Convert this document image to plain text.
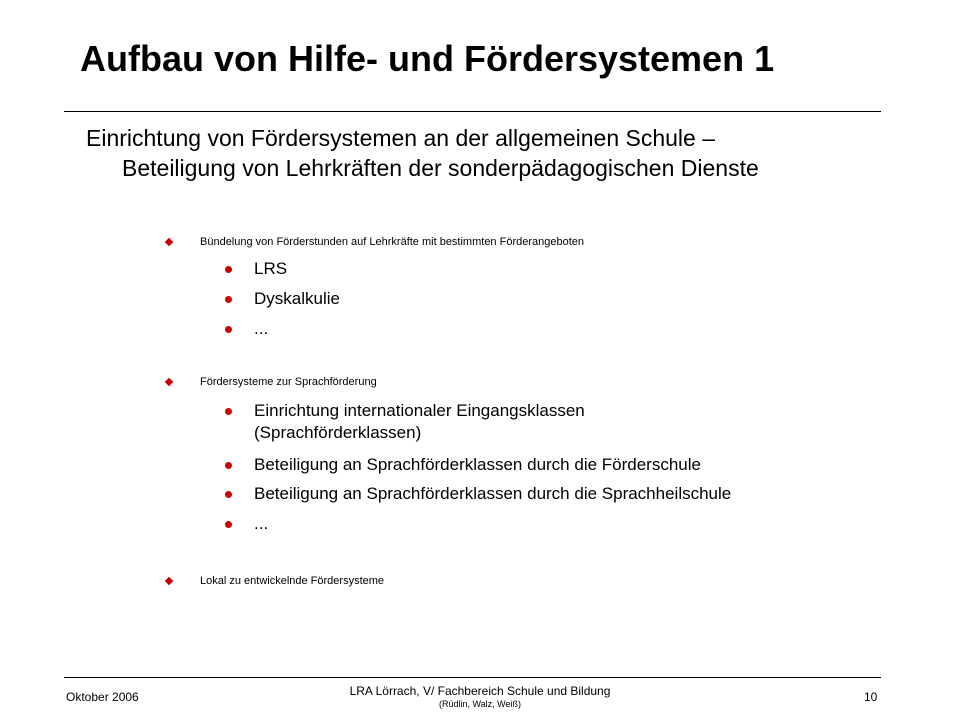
Aufbau von Hilfe- und Fördersystemen 1
Einrichtung von Fördersystemen an der allgemeinen Schule –
Beteiligung von Lehrkräften der sonderpädagogischen Dienste
Bündelung von Förderstunden auf Lehrkräfte mit bestimmten Förderangeboten
LRS
Dyskalkulie
...
Fördersysteme zur Sprachförderung
Einrichtung internationaler Eingangsklassen
(Sprachförderklassen)
Beteiligung an Sprachförderklassen durch die Förderschule
Beteiligung an Sprachförderklassen durch die Sprachheilschule
...
Lokal zu entwickelnde Fördersysteme
Oktober 2006	LRA Lörrach, V/ Fachbereich Schule und Bildung
(Rüdlin, Walz, Weiß)	10
